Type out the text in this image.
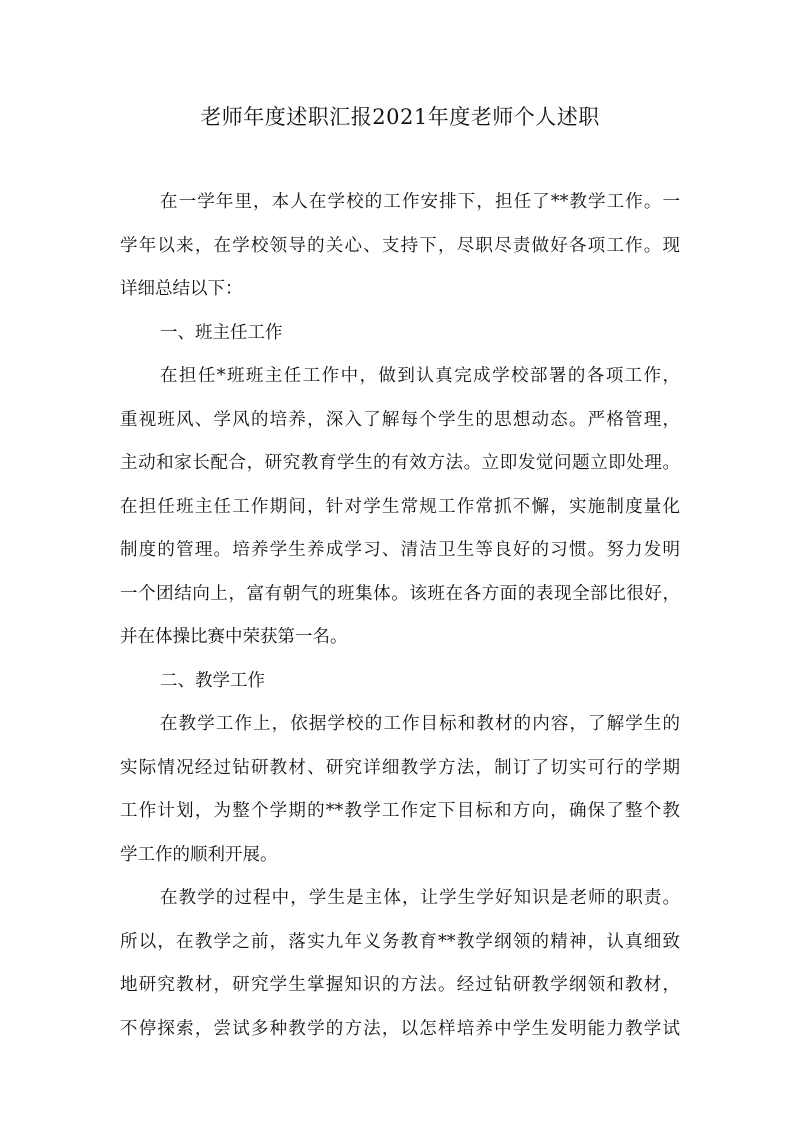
老师年度述职汇报2021年度老师个人述职
在一学年里，本人在学校的工作安排下，担任了**教学工作。一
学年以来，在学校领导的关心、支持下，尽职尽责做好各项工作。现
详细总结以下：
一、班主任工作
在担任*班班主任工作中，做到认真完成学校部署的各项工作，
重视班风、学风的培养，深入了解每个学生的思想动态。严格管理，
主动和家长配合，研究教育学生的有效方法。立即发觉问题立即处理。
在担任班主任工作期间，针对学生常规工作常抓不懈，实施制度量化
制度的管理。培养学生养成学习、清洁卫生等良好的习惯。努力发明
一个团结向上，富有朝气的班集体。该班在各方面的表现全部比很好，
并在体操比赛中荣获第一名。
二、教学工作
在教学工作上，依据学校的工作目标和教材的内容，了解学生的
实际情况经过钻研教材、研究详细教学方法，制订了切实可行的学期
工作计划，为整个学期的**教学工作定下目标和方向，确保了整个教
学工作的顺利开展。
在教学的过程中，学生是主体，让学生学好知识是老师的职责。
所以，在教学之前，落实九年义务教育**教学纲领的精神，认真细致
地研究教材，研究学生掌握知识的方法。经过钻研教学纲领和教材，
不停探索，尝试多种教学的方法，以怎样培养中学生发明能力教学试
